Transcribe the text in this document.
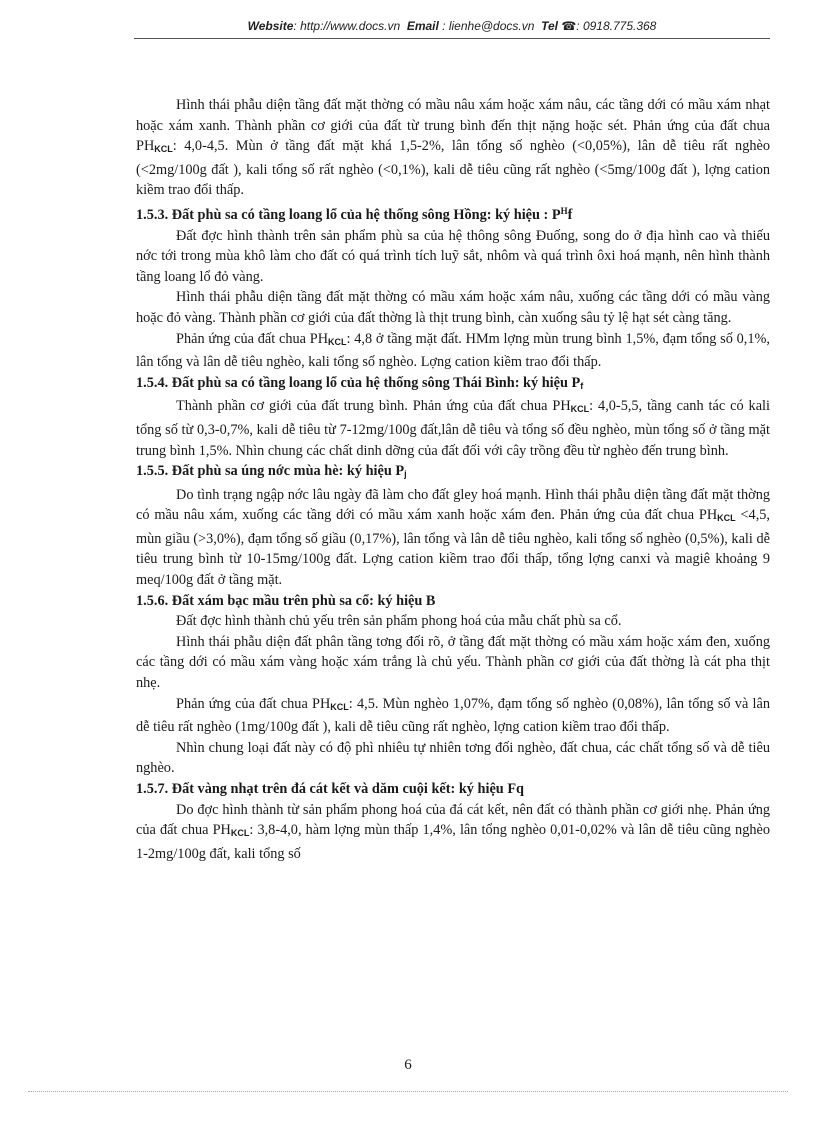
Website: http://www.docs.vn Email : lienhe@docs.vn Tel ☎: 0918.775.368

Hình thái phẫu diện tầng đất mặt thờng có mầu nâu xám hoặc xám nâu, các tầng dới có mầu xám nhạt hoặc xám xanh. Thành phần cơ giới của đất từ trung bình đến thịt nặng hoặc sét. Phản ứng của đất chua $PH_{KCL}$: 4,0-4,5. Mùn ở tầng đất mặt khá 1,5-2%, lân tổng số nghèo (<0,05%), lân dễ tiêu rất nghèo (<2mg/100g đất ), kali tổng số rất nghèo (<0,1%), kali dễ tiêu cũng rất nghèo (<5mg/100g đất ), lợng cation kiềm trao đổi thấp.

1.5.3. Đất phù sa có tầng loang lổ của hệ thống sông Hồng: ký hiệu : $P^Hf$

Đất đợc hình thành trên sản phẩm phù sa của hệ thông sông Đuống, song do ở địa hình cao và thiếu nớc tới trong mùa khô làm cho đất có quá trình tích luỹ sắt, nhôm và quá trình ôxi hoá mạnh, nên hình thành tầng loang lổ đỏ vàng.

Hình thái phẫu diện tầng đất mặt thờng có mầu xám hoặc xám nâu, xuống các tầng dới có mầu vàng hoặc đỏ vàng. Thành phần cơ giới của đất thờng là thịt trung bình, càn xuống sâu tỷ lệ hạt sét càng tăng.

Phản ứng của đất chua $PH_{KCL}$: 4,8 ở tầng mặt đất. HMm lợng mùn trung bình 1,5%, đạm tổng số 0,1%, lân tổng và lân dễ tiêu nghèo, kali tổng số nghèo. Lợng cation kiềm trao đổi thấp.

1.5.4. Đất phù sa có tầng loang lổ của hệ thống sông Thái Bình: ký hiệu $P_f$

Thành phần cơ giới của đất trung bình. Phản ứng của đất chua $PH_{KCL}$: 4,0-5,5, tầng canh tác có kali tổng số từ 0,3-0,7%, kali dễ tiêu từ 7-12mg/100g đất,lân dễ tiêu và tổng số đều nghèo, mùn tổng số ở tầng mặt trung bình 1,5%. Nhìn chung các chất dinh dỡng của đất đối với cây trồng đều từ nghèo đến trung bình.

1.5.5. Đất phù sa úng nớc mùa hè: ký hiệu $P_j$

Do tình trạng ngập nớc lâu ngày đã làm cho đất gley hoá mạnh. Hình thái phẫu diện tầng đất mặt thờng có mầu nâu xám, xuống các tầng dới có mầu xám xanh hoặc xám đen. Phản ứng của đất chua $PH_{KCL} <4,5$, mùn giầu (>3,0%), đạm tổng số giầu (0,17%), lân tổng và lân dễ tiêu nghèo, kali tổng số nghèo (0,5%), kali dễ tiêu trung bình từ 10-15mg/100g đất. Lợng cation kiềm trao đổi thấp, tổng lợng canxi và magiê khoảng 9 meq/100g đất ở tầng mặt.

1.5.6. Đất xám bạc mầu trên phù sa cổ: ký hiệu B

Đất đợc hình thành chủ yếu trên sản phẩm phong hoá của mẫu chất phù sa cổ.

Hình thái phẫu diện đất phân tầng tơng đối rõ, ở tầng đất mặt thờng có mầu xám hoặc xám đen, xuống các tầng dới có mầu xám vàng hoặc xám trắng là chủ yếu. Thành phần cơ giới của đất thờng là cát pha thịt nhẹ.

Phản ứng của đất chua $PH_{KCL}$: 4,5. Mùn nghèo 1,07%, đạm tổng số nghèo (0,08%), lân tổng số và lân dễ tiêu rất nghèo (1mg/100g đất ), kali dễ tiêu cũng rất nghèo, lợng cation kiềm trao đổi thấp.

Nhìn chung loại đất này có độ phì nhiêu tự nhiên tơng đối nghèo, đất chua, các chất tổng số và dễ tiêu nghèo.

1.5.7. Đất vàng nhạt trên đá cát kết và dăm cuội kết: ký hiệu Fq

Do đợc hình thành từ sản phẩm phong hoá của đá cát kết, nên đất có thành phần cơ giới nhẹ. Phản ứng của đất chua $PH_{KCL}$: 3,8-4,0, hàm lợng mùn thấp 1,4%, lân tổng nghèo 0,01-0,02% và lân dễ tiêu cũng nghèo 1-2mg/100g đất, kali tổng số

6
